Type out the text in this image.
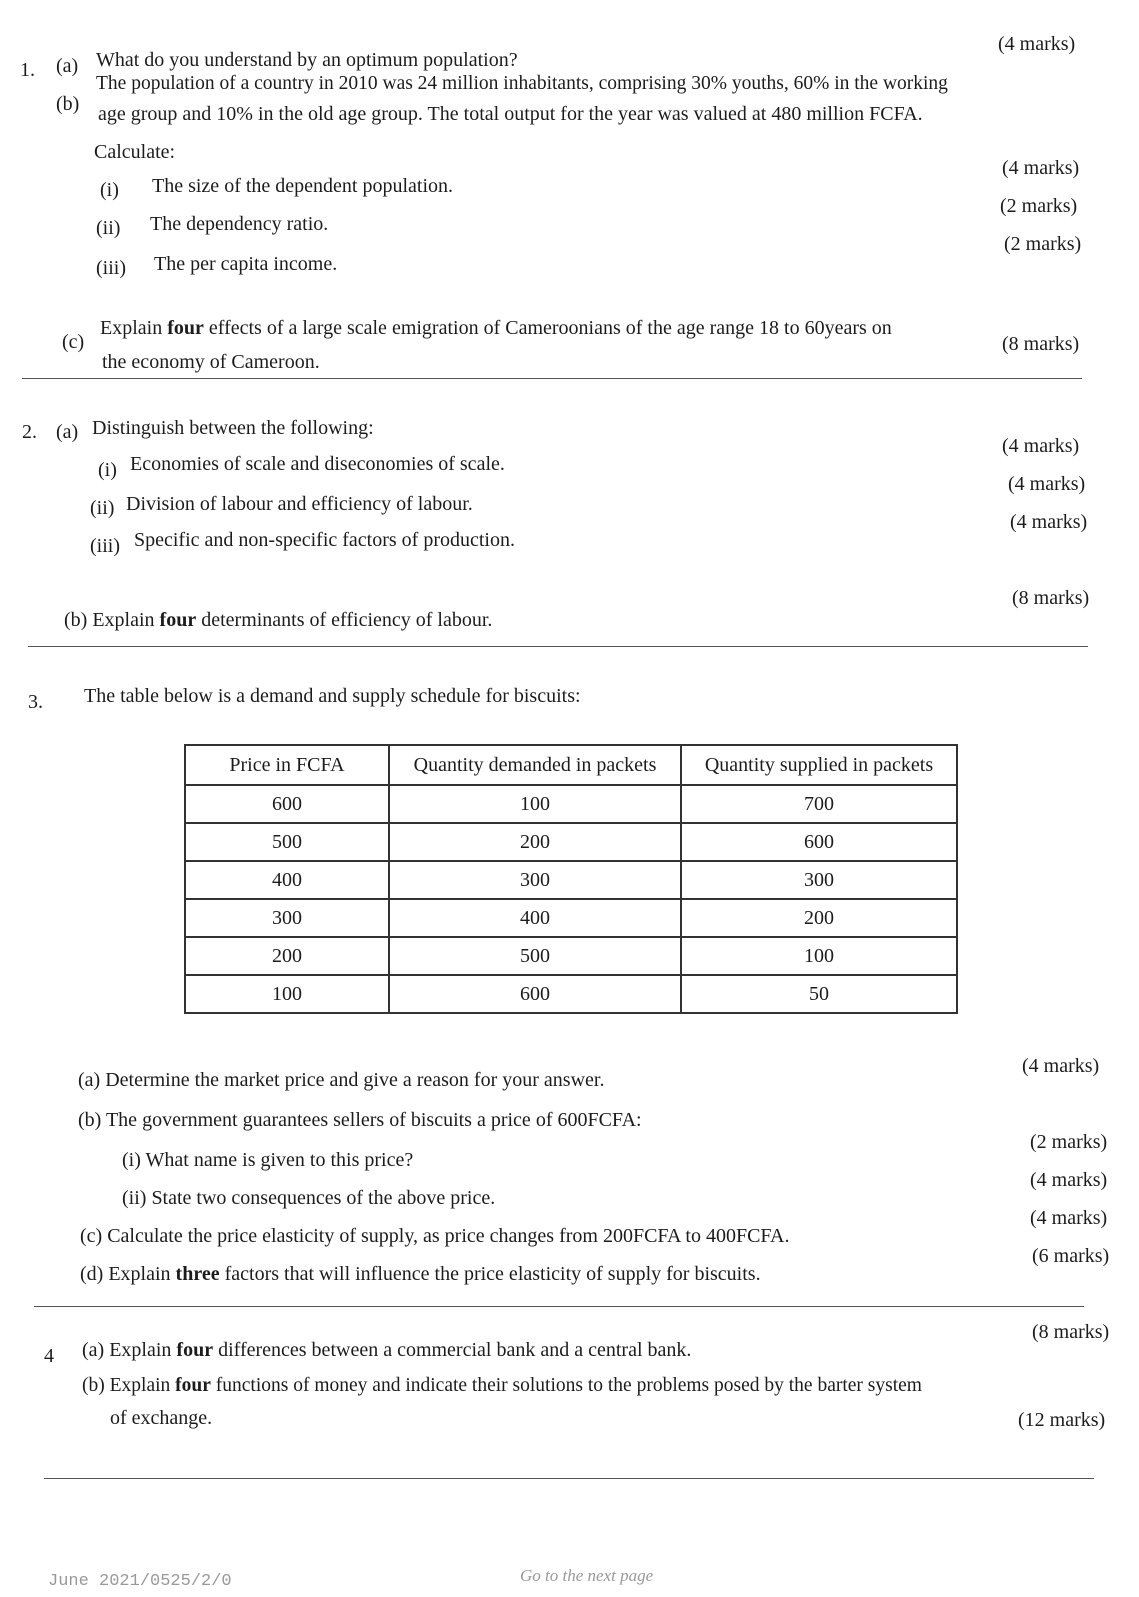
1. (a) What do you understand by an optimum population?
(4 marks)
(b)
The population of a country in 2010 was 24 million inhabitants, comprising 30% youths, 60% in the working
age group and 10% in the old age group. The total output for the year was valued at 480 million FCFA.
Calculate:
(i) The size of the dependent population.
(4 marks)
(ii) The dependency ratio.
(2 marks)
(iii) The per capita income.
(2 marks)
(c)
Explain four effects of a large scale emigration of Cameroonians of the age range 18 to 60years on
the economy of Cameroon.
(8 marks)
2. (a) Distinguish between the following:
(i) Economies of scale and diseconomies of scale.
(4 marks)
(ii) Division of labour and efficiency of labour.
(4 marks)
(iii) Specific and non-specific factors of production.
(4 marks)
(b) Explain four determinants of efficiency of labour.
(8 marks)
3. The table below is a demand and supply schedule for biscuits:
Price in FCFA	Quantity demanded in packets	Quantity supplied in packets
600	100	700
500	200	600
400	300	300
300	400	200
200	500	100
100	600	50
(a) Determine the market price and give a reason for your answer.
(4 marks)
(b) The government guarantees sellers of biscuits a price of 600FCFA:
(i) What name is given to this price?
(2 marks)
(ii) State two consequences of the above price.
(4 marks)
(c) Calculate the price elasticity of supply, as price changes from 200FCFA to 400FCFA.
(4 marks)
(d) Explain three factors that will influence the price elasticity of supply for biscuits.
(6 marks)
4 (a) Explain four differences between a commercial bank and a central bank.
(8 marks)
(b) Explain four functions of money and indicate their solutions to the problems posed by the barter system
of exchange.	(12 marks)
June 2021/0525/2/0	Go to the next page
